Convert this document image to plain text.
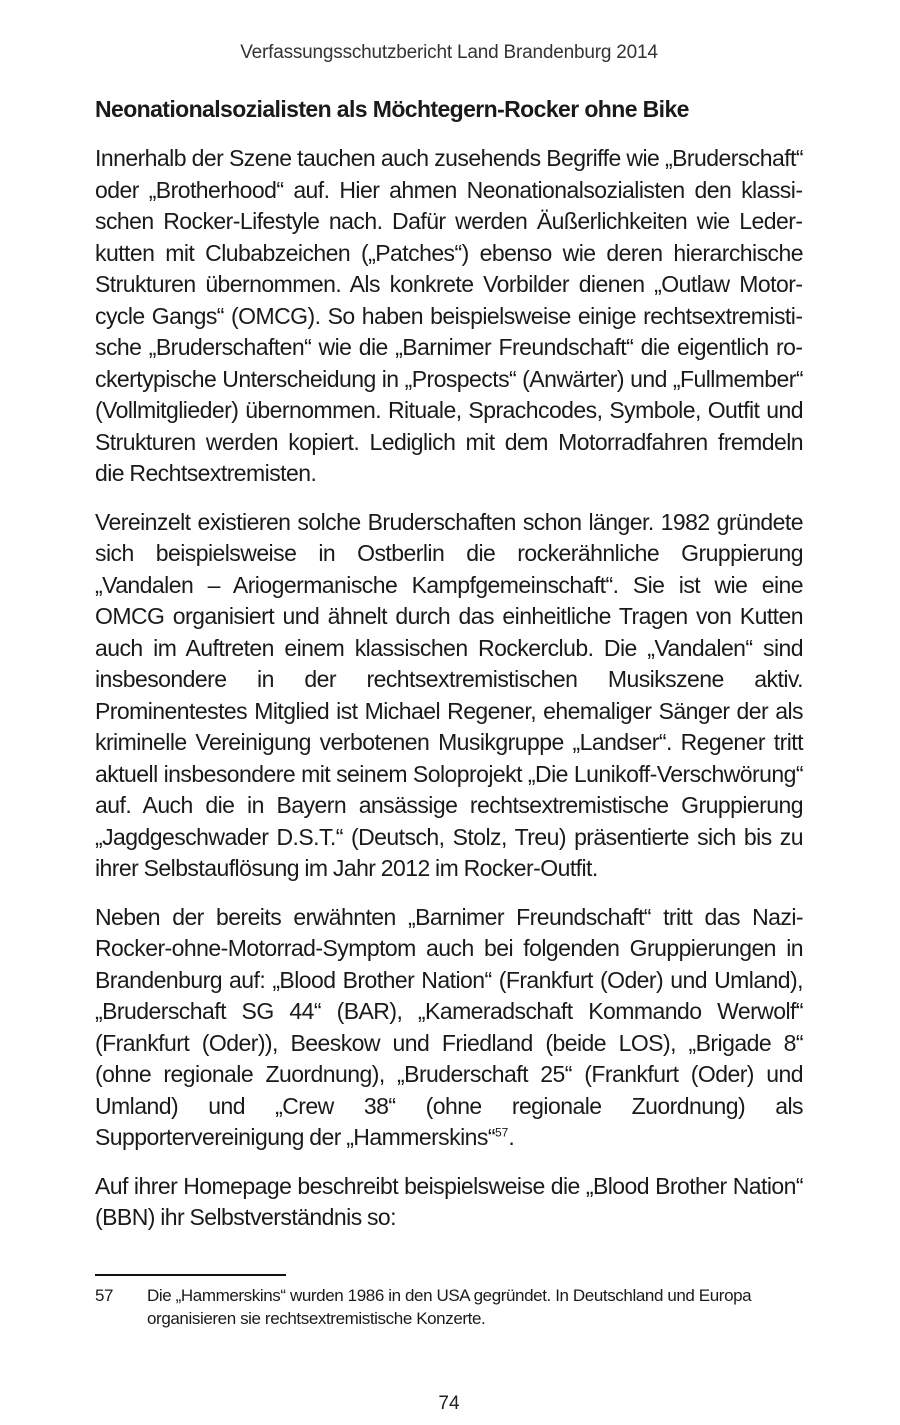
Verfassungsschutzbericht Land Brandenburg 2014
Neonationalsozialisten als Möchtegern-Rocker ohne Bike

Innerhalb der Szene tauchen auch zusehends Begriffe wie „Bruderschaft“ oder „Brotherhood“ auf. Hier ahmen Neonationalsozialisten den klassischen Rocker-Lifestyle nach. Dafür werden Äußerlichkeiten wie Lederkutten mit Clubabzeichen („Patches“) ebenso wie deren hierarchische Strukturen übernommen. Als konkrete Vorbilder dienen „Outlaw Motorcycle Gangs“ (OMCG). So haben beispielsweise einige rechtsextremistische „Bruderschaften“ wie die „Barnimer Freundschaft“ die eigentlich rockertypische Unterscheidung in „Prospects“ (Anwärter) und „Fullmember“ (Vollmitglieder) übernommen. Rituale, Sprachcodes, Symbole, Outfit und Strukturen werden kopiert. Lediglich mit dem Motorradfahren fremdeln die Rechtsextremisten.

Vereinzelt existieren solche Bruderschaften schon länger. 1982 gründete sich beispielsweise in Ostberlin die rockerähnliche Gruppierung „Vandalen – Ariogermanische Kampfgemeinschaft“. Sie ist wie eine OMCG organisiert und ähnelt durch das einheitliche Tragen von Kutten auch im Auftreten einem klassischen Rockerclub. Die „Vandalen“ sind insbesondere in der rechtsextremistischen Musikszene aktiv. Prominentestes Mitglied ist Michael Regener, ehemaliger Sänger der als kriminelle Vereinigung verbotenen Musikgruppe „Landser“. Regener tritt aktuell insbesondere mit seinem Soloprojekt „Die Lunikoff-Verschwörung“ auf. Auch die in Bayern ansässige rechtsextremistische Gruppierung „Jagdgeschwader D.S.T.“ (Deutsch, Stolz, Treu) präsentierte sich bis zu ihrer Selbstauflösung im Jahr 2012 im Rocker-Outfit.

Neben der bereits erwähnten „Barnimer Freundschaft“ tritt das Nazi-Rocker-ohne-Motorrad-Symptom auch bei folgenden Gruppierungen in Brandenburg auf: „Blood Brother Nation“ (Frankfurt (Oder) und Umland), „Bruderschaft SG 44“ (BAR), „Kameradschaft Kommando Werwolf“ (Frankfurt (Oder)), Beeskow und Friedland (beide LOS), „Brigade 8“ (ohne regionale Zuordnung), „Bruderschaft 25“ (Frankfurt (Oder) und Umland) und „Crew 38“ (ohne regionale Zuordnung) als Supportervereinigung der „Hammerskins“$^{57}$.

Auf ihrer Homepage beschreibt beispielsweise die „Blood Brother Nation“ (BBN) ihr Selbstverständnis so:

57	Die „Hammerskins“ wurden 1986 in den USA gegründet. In Deutschland und Europa organisieren sie rechtsextremistische Konzerte.
74
